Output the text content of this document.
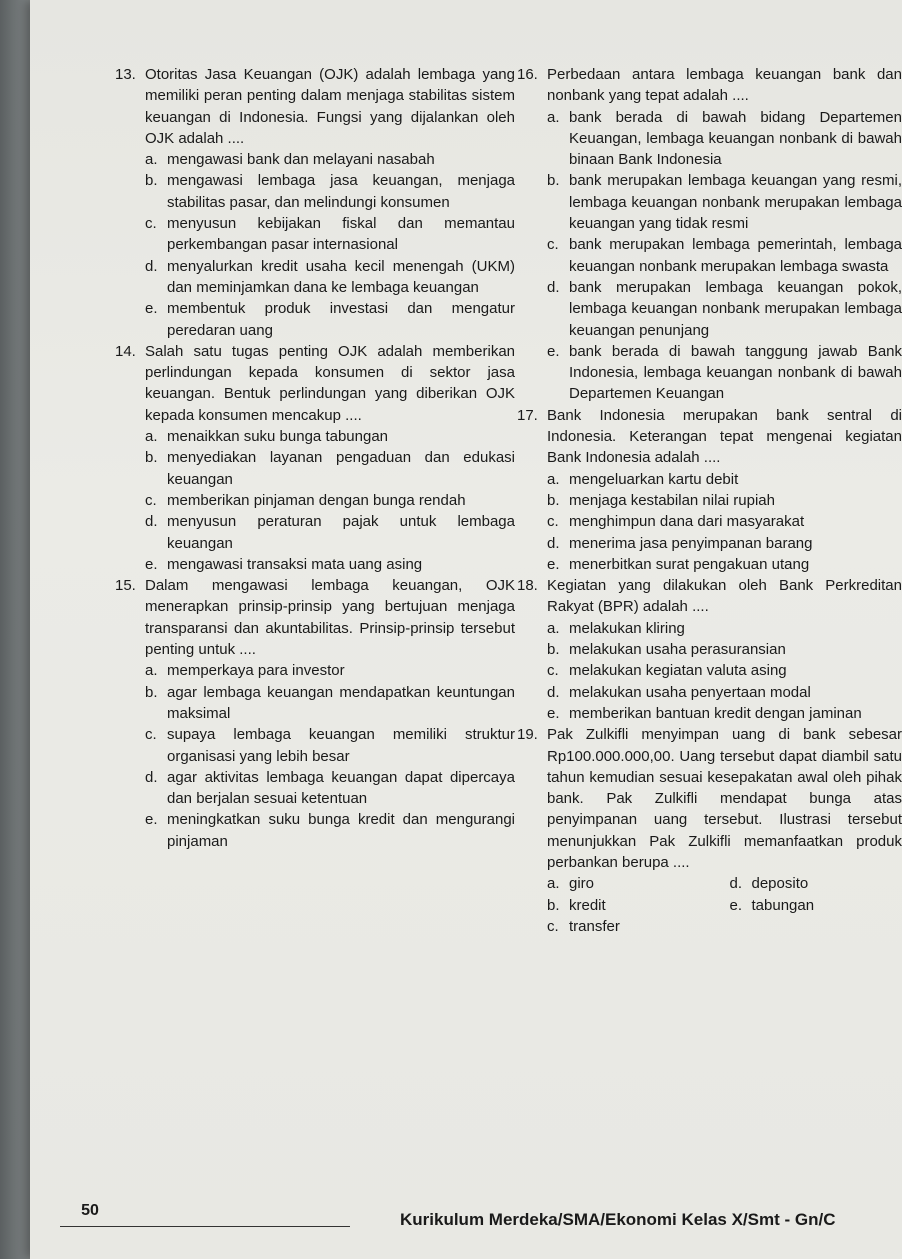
13. Otoritas Jasa Keuangan (OJK) adalah lembaga yang memiliki peran penting dalam menjaga stabilitas sistem keuangan di Indonesia. Fungsi yang dijalankan oleh OJK adalah ....
a. mengawasi bank dan melayani nasabah
b. mengawasi lembaga jasa keuangan, menjaga stabilitas pasar, dan melindungi konsumen
c. menyusun kebijakan fiskal dan memantau perkembangan pasar internasional
d. menyalurkan kredit usaha kecil menengah (UKM) dan meminjamkan dana ke lembaga keuangan
e. membentuk produk investasi dan mengatur peredaran uang
14. Salah satu tugas penting OJK adalah memberikan perlindungan kepada konsumen di sektor jasa keuangan. Bentuk perlindungan yang diberikan OJK kepada konsumen mencakup ....
a. menaikkan suku bunga tabungan
b. menyediakan layanan pengaduan dan edukasi keuangan
c. memberikan pinjaman dengan bunga rendah
d. menyusun peraturan pajak untuk lembaga keuangan
e. mengawasi transaksi mata uang asing
15. Dalam mengawasi lembaga keuangan, OJK menerapkan prinsip-prinsip yang bertujuan menjaga transparansi dan akuntabilitas. Prinsip-prinsip tersebut penting untuk ....
a. memperkaya para investor
b. agar lembaga keuangan mendapatkan keuntungan maksimal
c. supaya lembaga keuangan memiliki struktur organisasi yang lebih besar
d. agar aktivitas lembaga keuangan dapat dipercaya dan berjalan sesuai ketentuan
e. meningkatkan suku bunga kredit dan mengurangi pinjaman
16. Perbedaan antara lembaga keuangan bank dan nonbank yang tepat adalah ....
a. bank berada di bawah bidang Departemen Keuangan, lembaga keuangan nonbank di bawah binaan Bank Indonesia
b. bank merupakan lembaga keuangan yang resmi, lembaga keuangan nonbank merupakan lembaga keuangan yang tidak resmi
c. bank merupakan lembaga pemerintah, lembaga keuangan nonbank merupakan lembaga swasta
d. bank merupakan lembaga keuangan pokok, lembaga keuangan nonbank merupakan lembaga keuangan penunjang
e. bank berada di bawah tanggung jawab Bank Indonesia, lembaga keuangan nonbank di bawah Departemen Keuangan
17. Bank Indonesia merupakan bank sentral di Indonesia. Keterangan tepat mengenai kegiatan Bank Indonesia adalah ....
a. mengeluarkan kartu debit
b. menjaga kestabilan nilai rupiah
c. menghimpun dana dari masyarakat
d. menerima jasa penyimpanan barang
e. menerbitkan surat pengakuan utang
18. Kegiatan yang dilakukan oleh Bank Perkreditan Rakyat (BPR) adalah ....
a. melakukan kliring
b. melakukan usaha perasuransian
c. melakukan kegiatan valuta asing
d. melakukan usaha penyertaan modal
e. memberikan bantuan kredit dengan jaminan
19. Pak Zulkifli menyimpan uang di bank sebesar Rp100.000.000,00. Uang tersebut dapat diambil satu tahun kemudian sesuai kesepakatan awal oleh pihak bank. Pak Zulkifli mendapat bunga atas penyimpanan uang tersebut. Ilustrasi tersebut menunjukkan Pak Zulkifli memanfaatkan produk perbankan berupa ....
a. giro	d. deposito
b. kredit	e. tabungan
c. transfer
50	Kurikulum Merdeka/SMA/Ekonomi Kelas X/Smt - Gn/C
